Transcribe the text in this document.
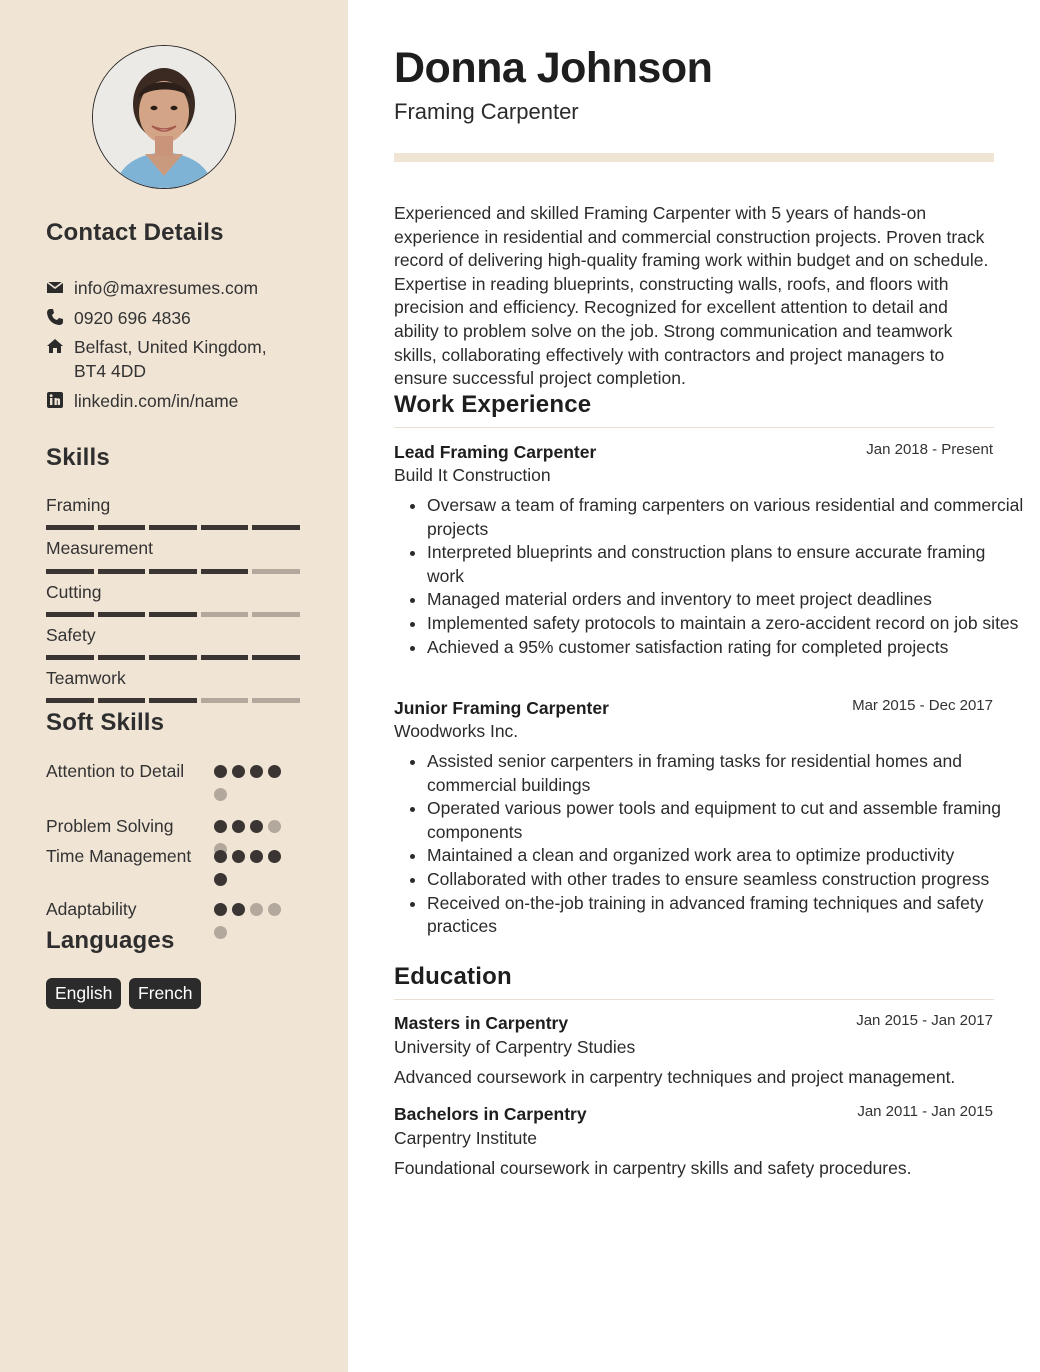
Contact Details
info@maxresumes.com
0920 696 4836
Belfast, United Kingdom, BT4 4DD
linkedin.com/in/name
Skills
Framing
Measurement
Cutting
Safety
Teamwork
Soft Skills
Attention to Detail
Problem Solving
Time Management
Adaptability
Languages
English	French
Donna Johnson
Framing Carpenter

Experienced and skilled Framing Carpenter with 5 years of hands-on experience in residential and commercial construction projects. Proven track record of delivering high-quality framing work within budget and on schedule. Expertise in reading blueprints, constructing walls, roofs, and floors with precision and efficiency. Recognized for excellent attention to detail and ability to problem solve on the job. Strong communication and teamwork skills, collaborating effectively with contractors and project managers to ensure successful project completion.

Work Experience
Lead Framing Carpenter	Jan 2018 - Present
Build It Construction
• Oversaw a team of framing carpenters on various residential and commercial projects
• Interpreted blueprints and construction plans to ensure accurate framing work
• Managed material orders and inventory to meet project deadlines
• Implemented safety protocols to maintain a zero-accident record on job sites
• Achieved a 95% customer satisfaction rating for completed projects
Junior Framing Carpenter	Mar 2015 - Dec 2017
Woodworks Inc.
• Assisted senior carpenters in framing tasks for residential homes and commercial buildings
• Operated various power tools and equipment to cut and assemble framing components
• Maintained a clean and organized work area to optimize productivity
• Collaborated with other trades to ensure seamless construction progress
• Received on-the-job training in advanced framing techniques and safety practices
Education
Masters in Carpentry	Jan 2015 - Jan 2017
University of Carpentry Studies
Advanced coursework in carpentry techniques and project management.
Bachelors in Carpentry	Jan 2011 - Jan 2015
Carpentry Institute
Foundational coursework in carpentry skills and safety procedures.
